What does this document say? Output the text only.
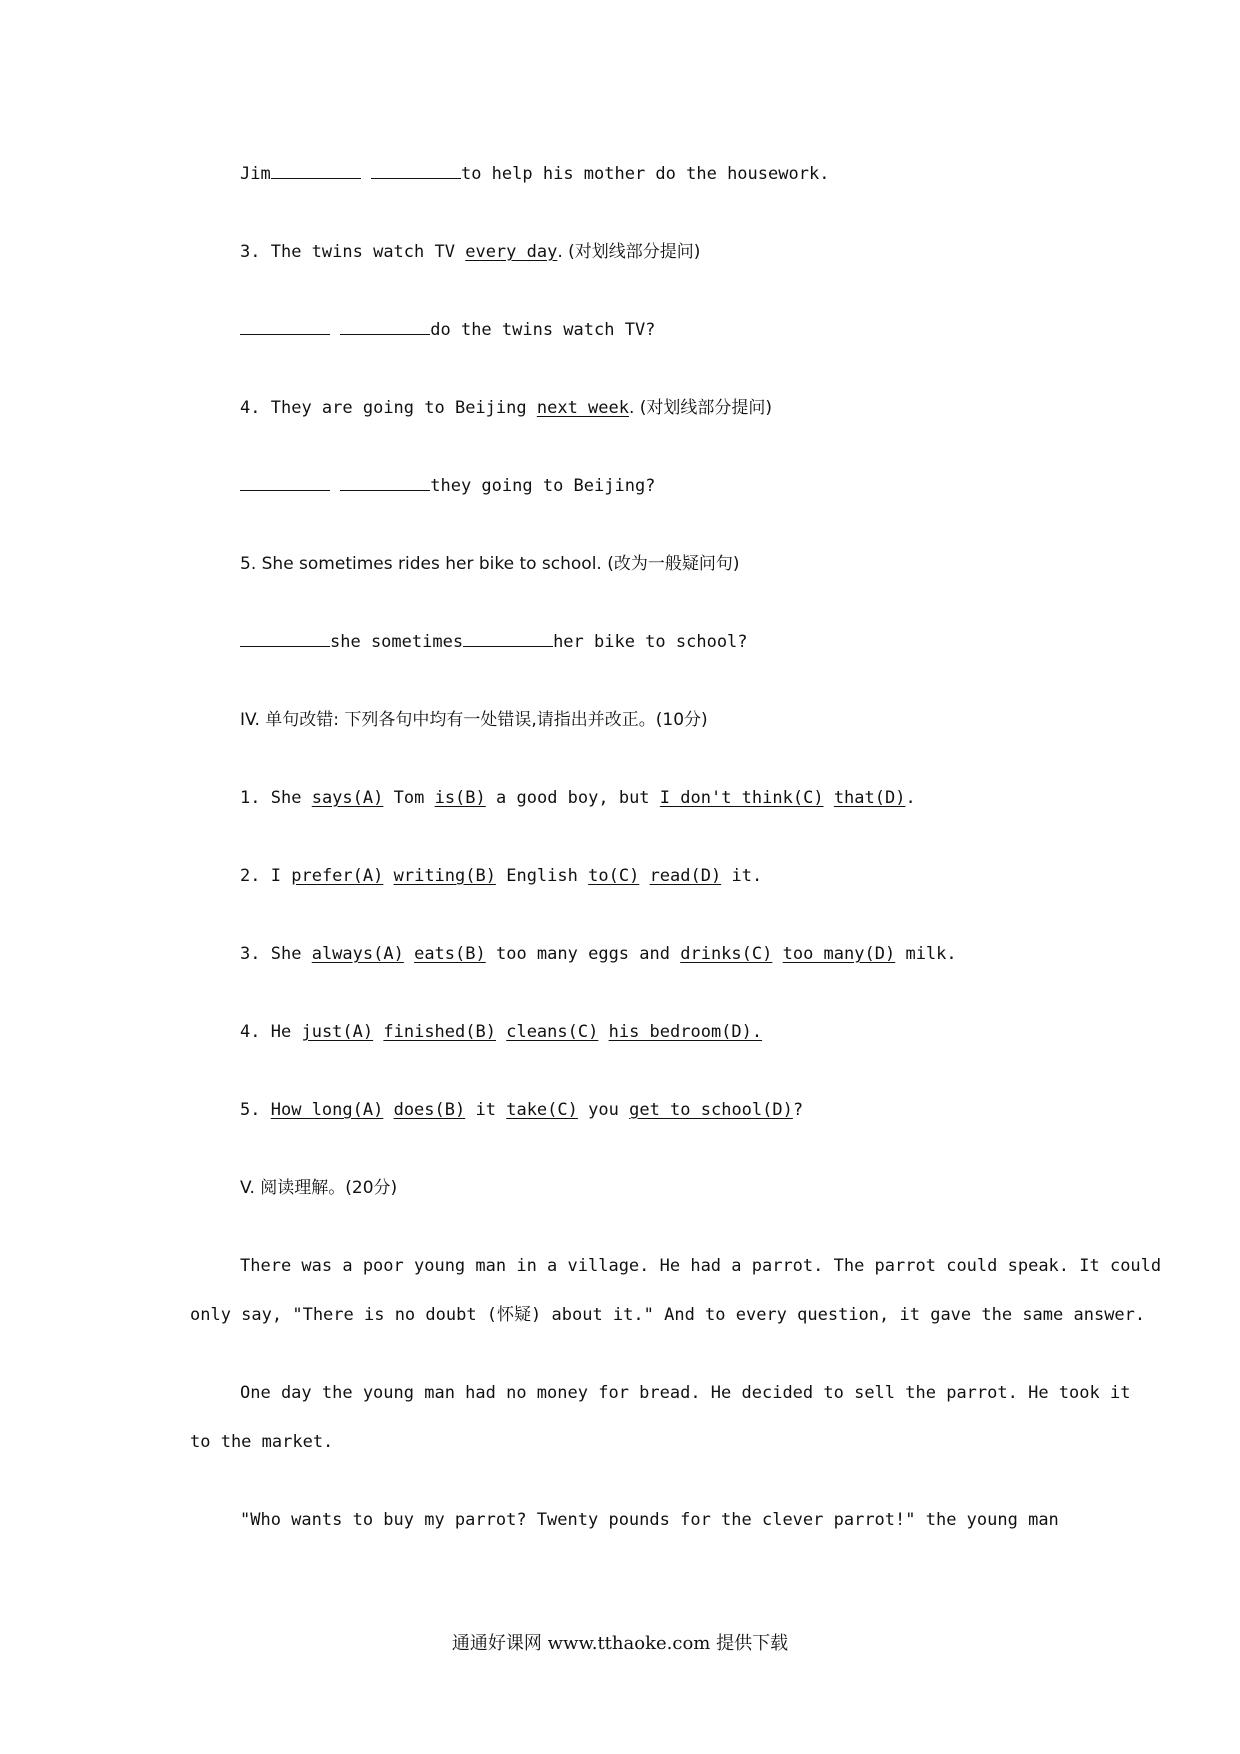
Jim	to help his mother do the housework.
3. The twins watch TV every day. (对划线部分提问)
do the twins watch TV?
4. They are going to Beijing next week. (对划线部分提问)
they going to Beijing?
5. She sometimes rides her bike to school. (改为一般疑问句)
she sometimes	her bike to school?
IV. 单句改错: 下列各句中均有一处错误,请指出并改正。(10分)
1. She says(A) Tom is(B) a good boy, but I don't think(C) that(D).
2. I prefer(A) writing(B) English to(C) read(D) it.
3. She always(A) eats(B) too many eggs and drinks(C) too many(D) milk.
4. He just(A) finished(B) cleans(C) his bedroom(D).
5. How long(A) does(B) it take(C) you get to school(D)?
V. 阅读理解。(20分)
There was a poor young man in a village. He had a parrot. The parrot could speak. It could
only say, "There is no doubt (怀疑) about it." And to every question, it gave the same answer.
One day the young man had no money for bread. He decided to sell the parrot. He took it
to the market.
"Who wants to buy my parrot? Twenty pounds for the clever parrot!" the young man
通通好课网 www.tthaoke.com 提供下载
